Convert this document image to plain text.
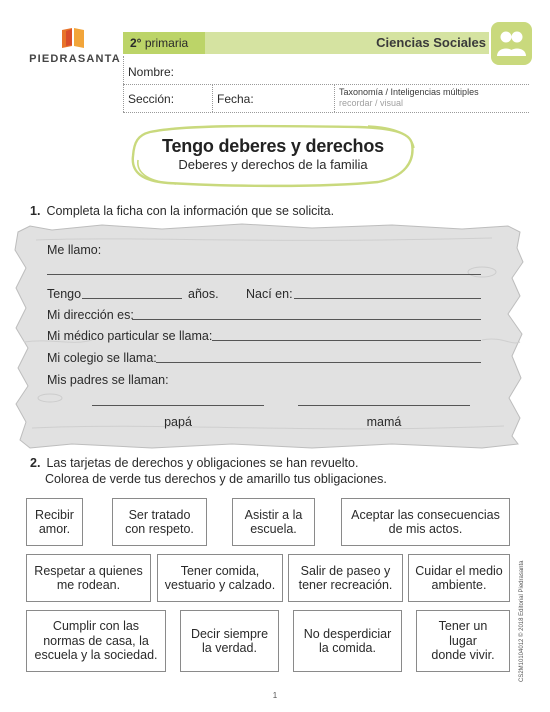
PIEDRASANTA
2° primaria	Ciencias Sociales
Nombre:
Sección:	Fecha:	Taxonomía / Inteligencias múltiples
recordar / visual
Tengo deberes y derechos
Deberes y derechos de la familia
1. Completa la ficha con la información que se solicita.
Me llamo:
Tengo	años. Nací en:
Mi dirección es:
Mi médico particular se llama:
Mi colegio se llama:
Mis padres se llaman:
papá	mamá
2. Las tarjetas de derechos y obligaciones se han revuelto.
Colorea de verde tus derechos y de amarillo tus obligaciones.
Recibir
amor.
Ser tratado
con respeto.
Asistir a la
escuela.
Aceptar las consecuencias
de mis actos.
Respetar a quienes
me rodean.
Tener comida,
vestuario y calzado.
Salir de paseo y
tener recreación.
Cuidar el medio
ambiente.
Cumplir con las
normas de casa, la
escuela y la sociedad.
Decir siempre
la verdad.
No desperdiciar
la comida.
Tener un
lugar
donde vivir.	CS2M10104012 © 2018 Editorial Piedrasanta
1
